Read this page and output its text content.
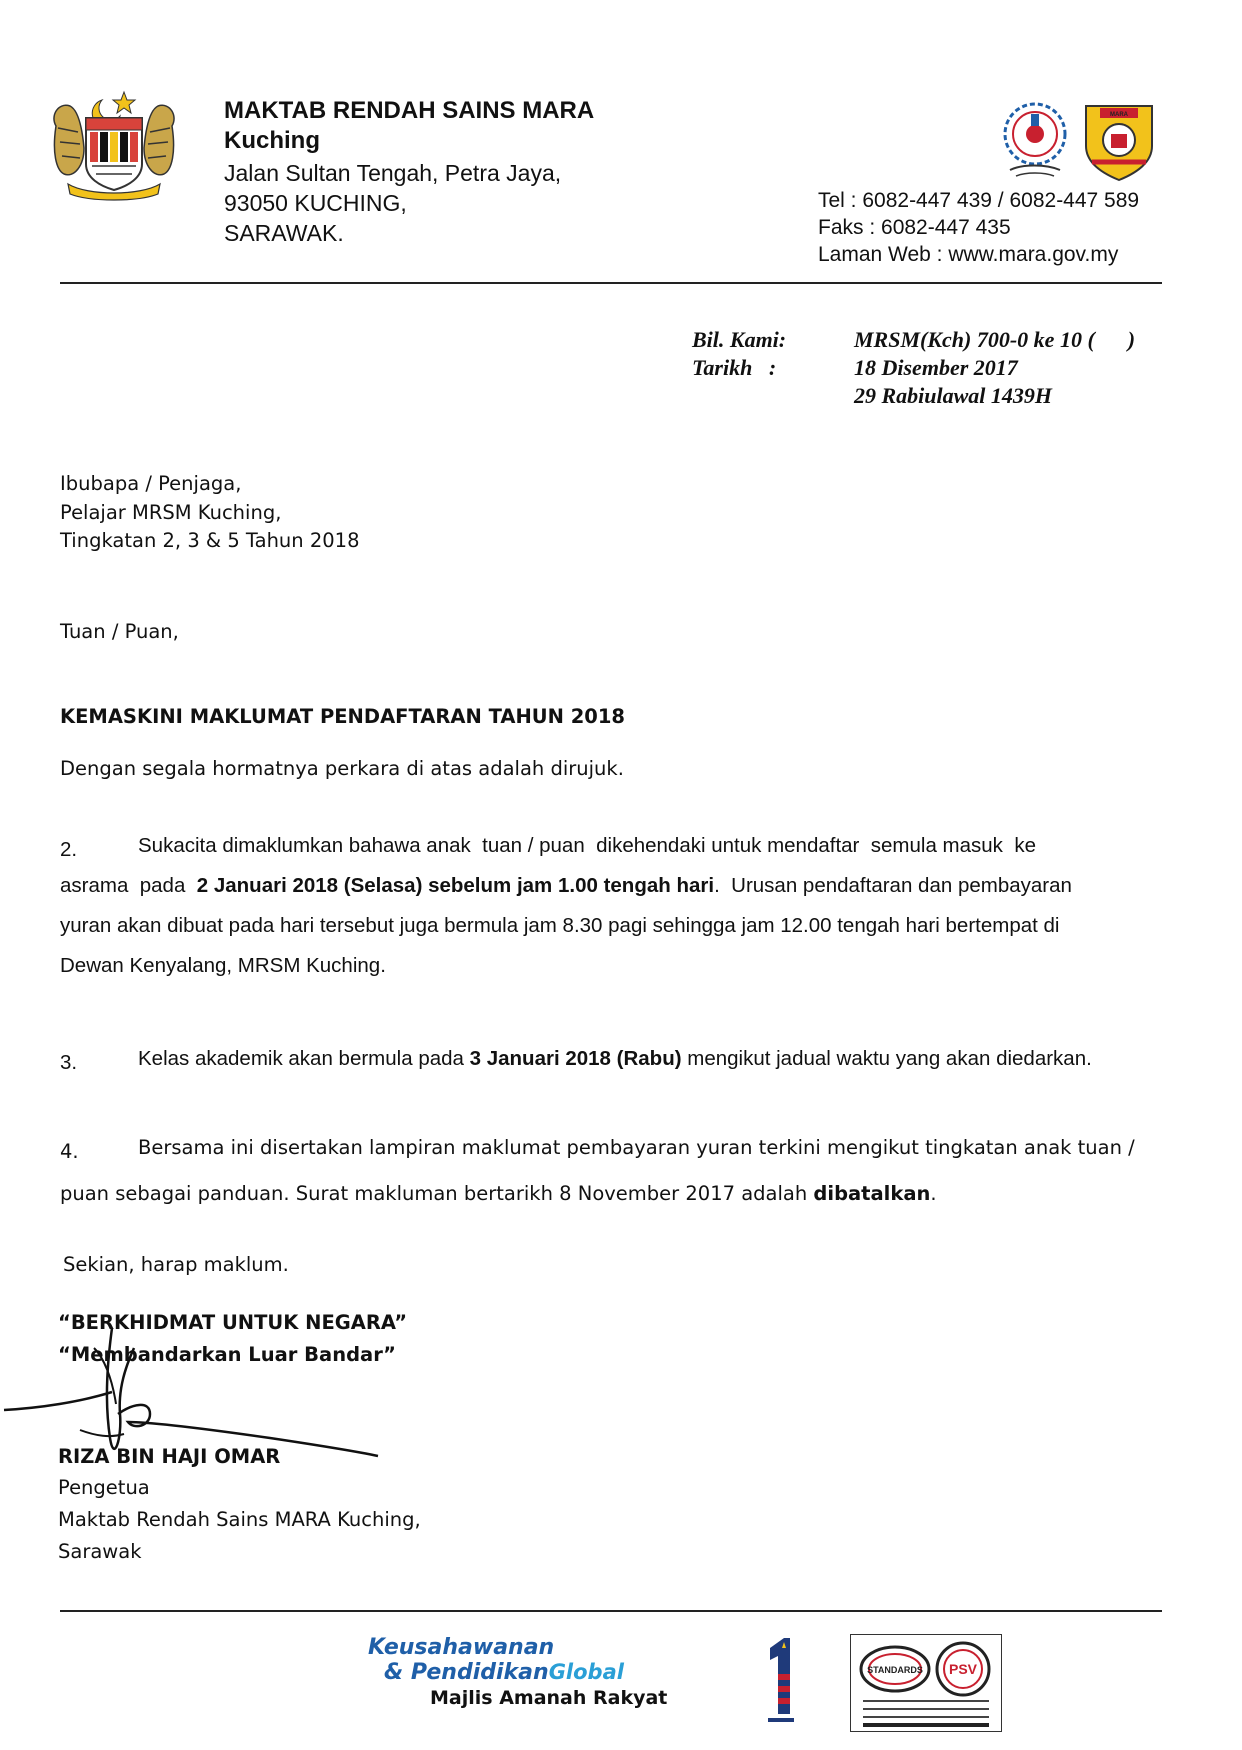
MAKTAB RENDAH SAINS MARA
Kuching
Jalan Sultan Tengah, Petra Jaya,
93050 KUCHING,
SARAWAK.
MARA
Tel : 6082-447 439 / 6082-447 589
Faks : 6082-447 435
Laman Web : www.mara.gov.my
Bil. Kami:	MRSM(Kch) 700-0 ke 10 (      )
Tarikh   :	18 Disember 2017
29 Rabiulawal 1439H
Ibubapa / Penjaga,
Pelajar MRSM Kuching,
Tingkatan 2, 3 & 5 Tahun 2018
Tuan / Puan,
KEMASKINI MAKLUMAT PENDAFTARAN TAHUN 2018
Dengan segala hormatnya perkara di atas adalah dirujuk.
2.	Sukacita dimaklumkan bahawa anak  tuan / puan  dikehendaki untuk mendaftar  semula masuk  ke
asrama  pada  2 Januari 2018 (Selasa) sebelum jam 1.00 tengah hari.  Urusan pendaftaran dan pembayaran
yuran akan dibuat pada hari tersebut juga bermula jam 8.30 pagi sehingga jam 12.00 tengah hari bertempat di
Dewan Kenyalang, MRSM Kuching.
3.	Kelas akademik akan bermula pada 3 Januari 2018 (Rabu) mengikut jadual waktu yang akan diedarkan.
4.	Bersama ini disertakan lampiran maklumat pembayaran yuran terkini mengikut tingkatan anak tuan /
puan sebagai panduan. Surat makluman bertarikh 8 November 2017 adalah dibatalkan.
Sekian, harap maklum.
“BERKHIDMAT UNTUK NEGARA”
“Membandarkan Luar Bandar”
RIZA BIN HAJI OMAR
Pengetua
Maktab Rendah Sains MARA Kuching,
Sarawak
Keusahawanan
& PendidikanGlobal
Majlis Amanah Rakyat
STANDARDS PSV
